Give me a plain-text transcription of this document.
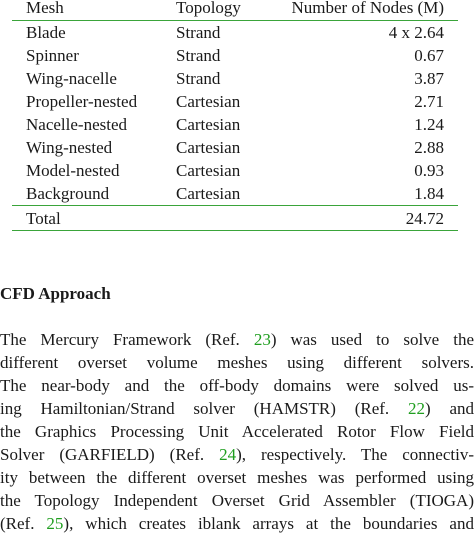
Mesh	Topology	Number of Nodes (M)
Blade	Strand	4 x 2.64
Spinner	Strand	0.67
Wing-nacelle	Strand	3.87
Propeller-nested	Cartesian	2.71
Nacelle-nested	Cartesian	1.24
Wing-nested	Cartesian	2.88
Model-nested	Cartesian	0.93
Background	Cartesian	1.84
Total		24.72
CFD Approach

The Mercury Framework (Ref. 23) was used to solve the
different overset volume meshes using different solvers.
The near-body and the off-body domains were solved us-
ing Hamiltonian/Strand solver (HAMSTR) (Ref. 22) and
the Graphics Processing Unit Accelerated Rotor Flow Field
Solver (GARFIELD) (Ref. 24), respectively. The connectiv-
ity between the different overset meshes was performed using
the Topology Independent Overset Grid Assembler (TIOGA)
(Ref. 25), which creates iblank arrays at the boundaries and
